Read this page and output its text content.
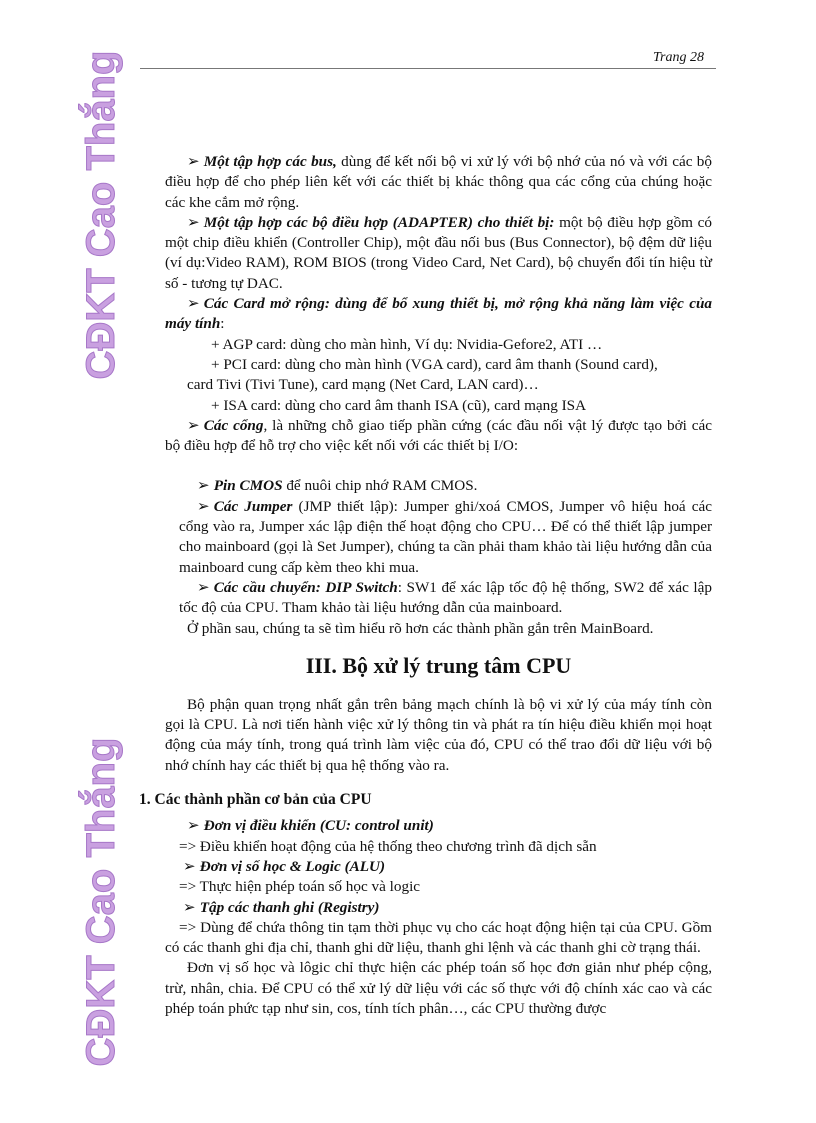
Trang 28
CĐKT Cao Thắng
CĐKT Cao Thắng

➢ Một tập hợp các bus, dùng để kết nối bộ vi xử lý với bộ nhớ của nó và với các bộ điều hợp để cho phép liên kết với các thiết bị khác thông qua các cổng của chúng hoặc các khe cắm mở rộng.

➢ Một tập hợp các bộ điều hợp (ADAPTER) cho thiết bị: một bộ điều hợp gồm có một chip điều khiển (Controller Chip), một đầu nối bus (Bus Connector), bộ đệm dữ liệu (ví dụ:Video RAM), ROM BIOS (trong Video Card, Net Card), bộ chuyển đổi tín hiệu từ số - tương tự DAC.

➢ Các Card mở rộng: dùng để bổ xung thiết bị, mở rộng khả năng làm việc của máy tính:

+ AGP card: dùng cho màn hình, Ví dụ: Nvidia-Gefore2, ATI …

+ PCI card: dùng cho màn hình (VGA card), card âm thanh (Sound card),

card Tivi (Tivi Tune), card mạng (Net Card, LAN card)…

+ ISA card: dùng cho card âm thanh ISA (cũ), card mạng ISA

➢ Các cổng, là những chỗ giao tiếp phần cứng (các đầu nối vật lý được tạo bởi các bộ điều hợp để hỗ trợ cho việc kết nối với các thiết bị I/O:

➢ Pin CMOS để nuôi chip nhớ RAM CMOS.

➢ Các Jumper (JMP thiết lập): Jumper ghi/xoá CMOS, Jumper vô hiệu hoá các cổng vào ra, Jumper xác lập điện thế hoạt động cho CPU… Để có thể thiết lập jumper cho mainboard (gọi là Set Jumper), chúng ta cần phải tham khảo tài liệu hướng dẫn của mainboard cung cấp kèm theo khi mua.

➢ Các cầu chuyển: DIP Switch: SW1 để xác lập tốc độ hệ thống, SW2 để xác lập tốc độ của CPU. Tham khảo tài liệu hướng dẫn của mainboard.

Ở phần sau, chúng ta sẽ tìm hiểu rõ hơn các thành phần gắn trên MainBoard.

III. Bộ xử lý trung tâm CPU

Bộ phận quan trọng nhất gắn trên bảng mạch chính là bộ vi xử lý của máy tính còn gọi là CPU. Là nơi tiến hành việc xử lý thông tin và phát ra tín hiệu điều khiển mọi hoạt động của máy tính, trong quá trình làm việc của đó, CPU có thể trao đổi dữ liệu với bộ nhớ chính hay các thiết bị qua hệ thống vào ra.

1. Các thành phần cơ bản của CPU

➢ Đơn vị điều khiển (CU: control unit)

=> Điều khiển hoạt động của hệ thống theo chương trình đã dịch sẵn

➢ Đơn vị số học & Logic (ALU)

=> Thực hiện phép toán số học và logic

➢ Tập các thanh ghi (Registry)

=> Dùng để chứa thông tin tạm thời phục vụ cho các hoạt động hiện tại của CPU. Gồm có các thanh ghi địa chỉ, thanh ghi dữ liệu, thanh ghi lệnh và các thanh ghi cờ trạng thái.

Đơn vị số học và lôgic chỉ thực hiện các phép toán số học đơn giản như phép cộng, trừ, nhân, chia. Để CPU có thể xử lý dữ liệu với các số thực với độ chính xác cao và các phép toán phức tạp như sin, cos, tính tích phân…, các CPU thường được
